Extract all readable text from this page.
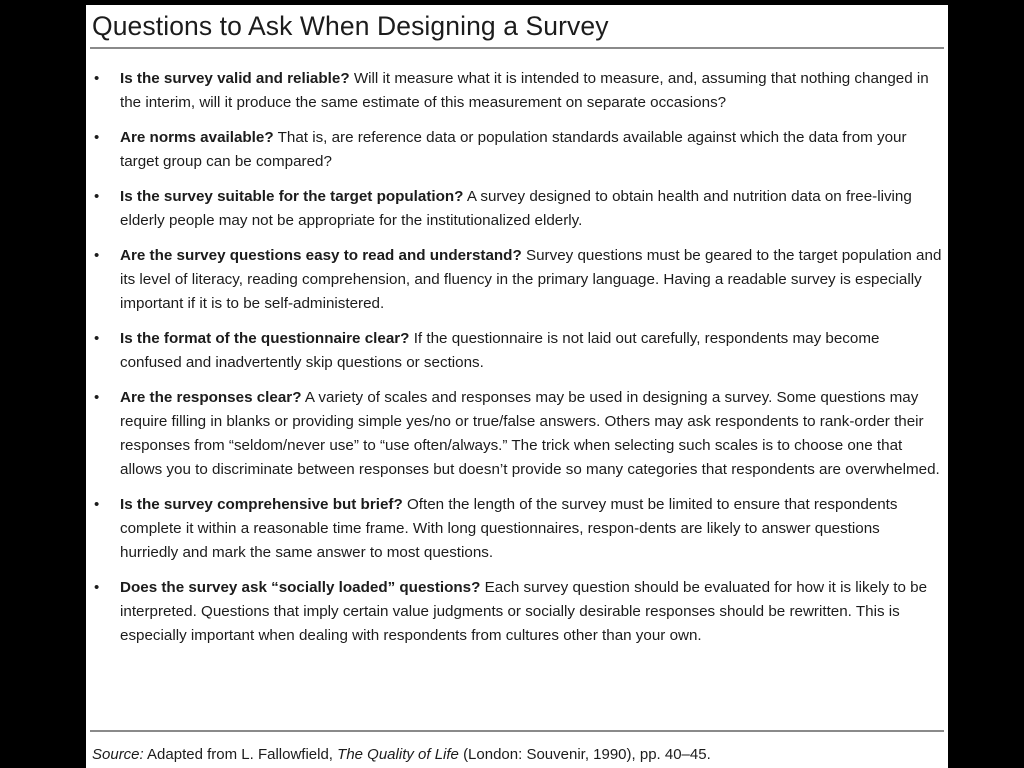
Questions to Ask When Designing a Survey
• Is the survey valid and reliable? Will it measure what it is intended to measure, and, assuming that nothing changed in the interim, will it produce the same estimate of this measurement on separate occasions?
• Are norms available? That is, are reference data or population standards available against which the data from your target group can be compared?
• Is the survey suitable for the target population? A survey designed to obtain health and nutrition data on free-living elderly people may not be appropriate for the institutionalized elderly.
• Are the survey questions easy to read and understand? Survey questions must be geared to the target population and its level of literacy, reading comprehension, and fluency in the primary language. Having a readable survey is especially important if it is to be self-administered.
• Is the format of the questionnaire clear? If the questionnaire is not laid out carefully, respondents may become confused and inadvertently skip questions or sections.
• Are the responses clear? A variety of scales and responses may be used in designing a survey. Some questions may require filling in blanks or providing simple yes/no or true/false answers. Others may ask respondents to rank-order their responses from “seldom/never use” to “use often/always.” The trick when selecting such scales is to choose one that allows you to discriminate between responses but doesn’t provide so many categories that respondents are overwhelmed.
• Is the survey comprehensive but brief? Often the length of the survey must be limited to ensure that respondents complete it within a reasonable time frame. With long questionnaires, respon-dents are likely to answer questions hurriedly and mark the same answer to most questions.
• Does the survey ask “socially loaded” questions? Each survey question should be evaluated for how it is likely to be interpreted. Questions that imply certain value judgments or socially desirable responses should be rewritten. This is especially important when dealing with respondents from cultures other than your own.

Source: Adapted from L. Fallowfield, The Quality of Life (London: Souvenir, 1990), pp. 40–45.
